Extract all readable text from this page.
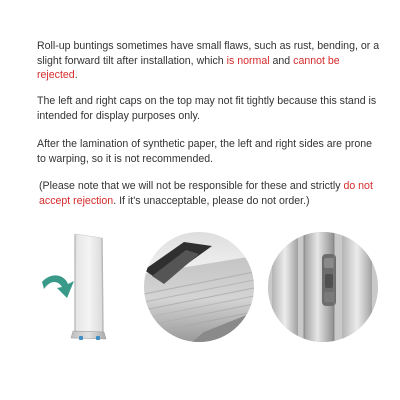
Roll-up buntings sometimes have small flaws, such as rust, bending, or a slight forward tilt after installation, which is normal and cannot be rejected.

The left and right caps on the top may not fit tightly because this stand is intended for display purposes only.

After the lamination of synthetic paper, the left and right sides are prone to warping, so it is not recommended.

(Please note that we will not be responsible for these and strictly do not accept rejection. If it's unacceptable, please do not order.)
